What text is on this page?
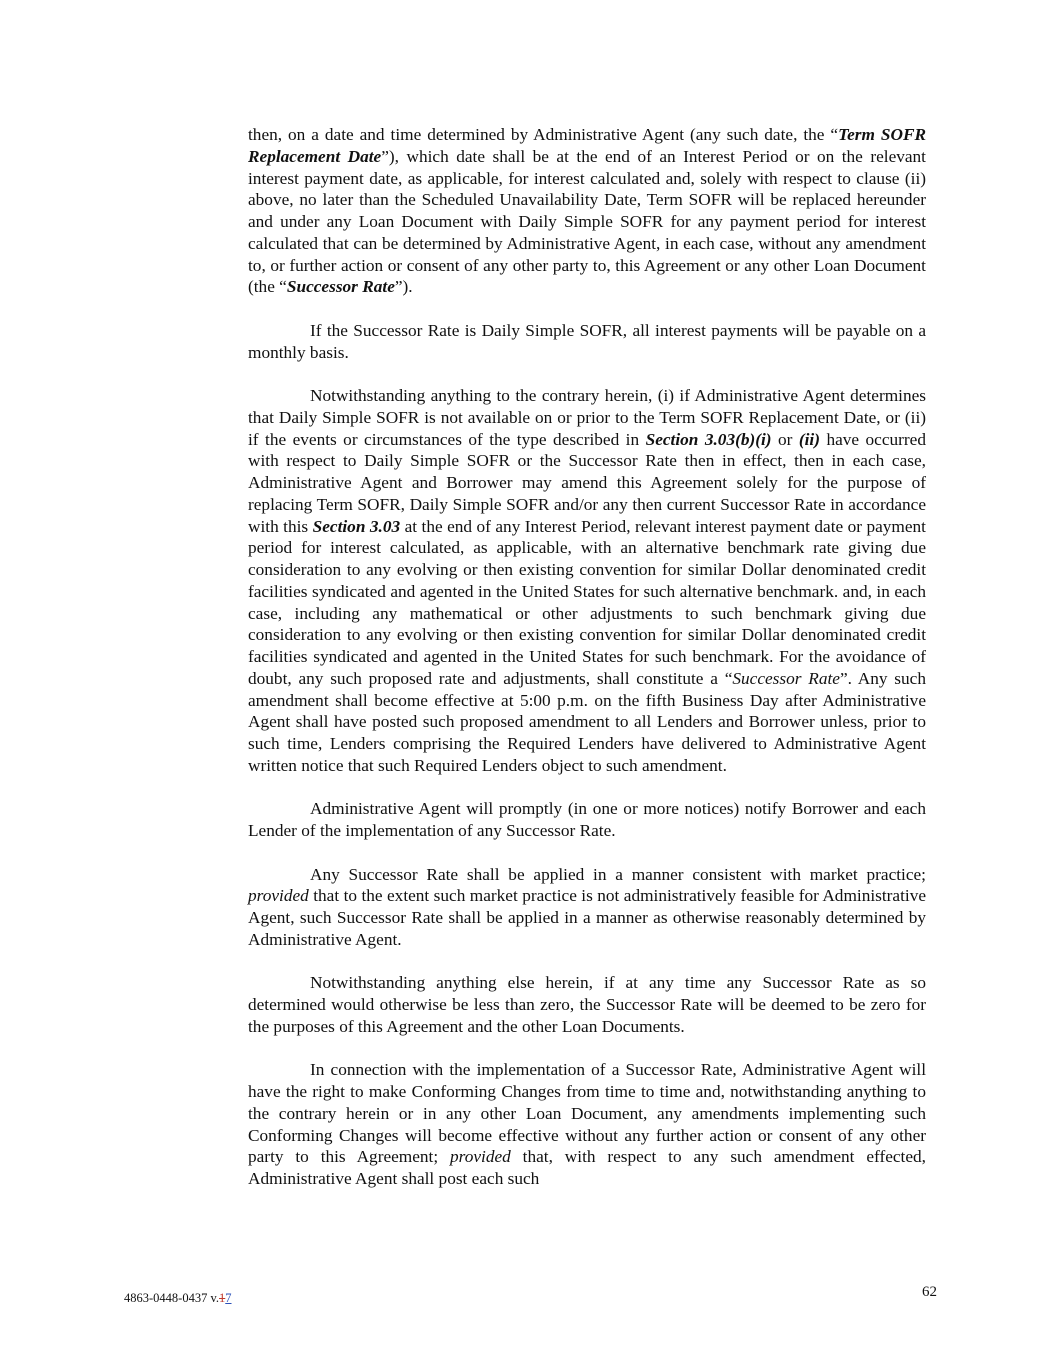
then, on a date and time determined by Administrative Agent (any such date, the “Term SOFR Replacement Date”), which date shall be at the end of an Interest Period or on the relevant interest payment date, as applicable, for interest calculated and, solely with respect to clause (ii) above, no later than the Scheduled Unavailability Date, Term SOFR will be replaced hereunder and under any Loan Document with Daily Simple SOFR for any payment period for interest calculated that can be determined by Administrative Agent, in each case, without any amendment to, or further action or consent of any other party to, this Agreement or any other Loan Document (the “Successor Rate”).

If the Successor Rate is Daily Simple SOFR, all interest payments will be payable on a monthly basis.

Notwithstanding anything to the contrary herein, (i) if Administrative Agent determines that Daily Simple SOFR is not available on or prior to the Term SOFR Replacement Date, or (ii) if the events or circumstances of the type described in Section 3.03(b)(i) or (ii) have occurred with respect to Daily Simple SOFR or the Successor Rate then in effect, then in each case, Administrative Agent and Borrower may amend this Agreement solely for the purpose of replacing Term SOFR, Daily Simple SOFR and/or any then current Successor Rate in accordance with this Section 3.03 at the end of any Interest Period, relevant interest payment date or payment period for interest calculated, as applicable, with an alternative benchmark rate giving due consideration to any evolving or then existing convention for similar Dollar denominated credit facilities syndicated and agented in the United States for such alternative benchmark. and, in each case, including any mathematical or other adjustments to such benchmark giving due consideration to any evolving or then existing convention for similar Dollar denominated credit facilities syndicated and agented in the United States for such benchmark. For the avoidance of doubt, any such proposed rate and adjustments, shall constitute a “Successor Rate”. Any such amendment shall become effective at 5:00 p.m. on the fifth Business Day after Administrative Agent shall have posted such proposed amendment to all Lenders and Borrower unless, prior to such time, Lenders comprising the Required Lenders have delivered to Administrative Agent written notice that such Required Lenders object to such amendment.

Administrative Agent will promptly (in one or more notices) notify Borrower and each Lender of the implementation of any Successor Rate.

Any Successor Rate shall be applied in a manner consistent with market practice; provided that to the extent such market practice is not administratively feasible for Administrative Agent, such Successor Rate shall be applied in a manner as otherwise reasonably determined by Administrative Agent.

Notwithstanding anything else herein, if at any time any Successor Rate as so determined would otherwise be less than zero, the Successor Rate will be deemed to be zero for the purposes of this Agreement and the other Loan Documents.

In connection with the implementation of a Successor Rate, Administrative Agent will have the right to make Conforming Changes from time to time and, notwithstanding anything to the contrary herein or in any other Loan Document, any amendments implementing such Conforming Changes will become effective without any further action or consent of any other party to this Agreement; provided that, with respect to any such amendment effected, Administrative Agent shall post each such

4863-0448-0437 v.17	62
